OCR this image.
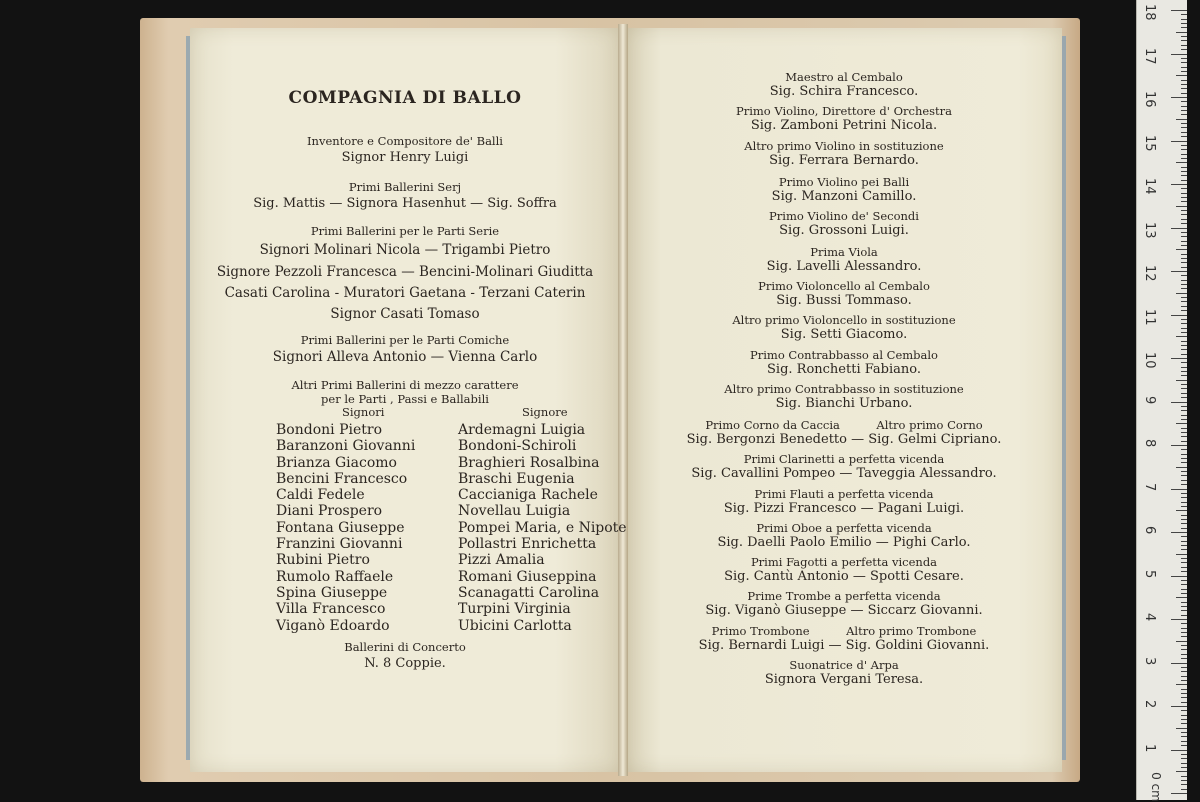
COMPAGNIA DI BALLO
Inventore e Compositore de' Balli
Signor Henry Luigi
Primi Ballerini Serj
Sig. Mattis — Signora Hasenhut — Sig. Soffra
Primi Ballerini per le Parti Serie
Signori Molinari Nicola — Trigambi Pietro
Signore Pezzoli Francesca — Bencini-Molinari Giuditta
Casati Carolina - Muratori Gaetana - Terzani Caterin
Signor Casati Tomaso
Primi Ballerini per le Parti Comiche
Signori Alleva Antonio — Vienna Carlo
Altri Primi Ballerini di mezzo carattere
per le Parti , Passi e Ballabili
Signori	Signore
Bondoni Pietro
Baranzoni Giovanni
Brianza Giacomo
Bencini Francesco
Caldi Fedele
Diani Prospero
Fontana Giuseppe
Franzini Giovanni
Rubini Pietro
Rumolo Raffaele
Spina Giuseppe
Villa Francesco
Viganò Edoardo
Ardemagni Luigia
Bondoni-Schiroli
Braghieri Rosalbina
Braschi Eugenia
Caccianiga Rachele
Novellau Luigia
Pompei Maria, e Nipote
Pollastri Enrichetta
Pizzi Amalia
Romani Giuseppina
Scanagatti Carolina
Turpini Virginia
Ubicini Carlotta
Ballerini di Concerto
N. 8 Coppie.
Maestro al Cembalo
Sig. Schira Francesco.
Primo Violino, Direttore d' Orchestra
Sig. Zamboni Petrini Nicola.
Altro primo Violino in sostituzione
Sig. Ferrara Bernardo.
Primo Violino pei Balli
Sig. Manzoni Camillo.
Primo Violino de' Secondi
Sig. Grossoni Luigi.
Prima Viola
Sig. Lavelli Alessandro.
Primo Violoncello al Cembalo
Sig. Bussi Tommaso.
Altro primo Violoncello in sostituzione
Sig. Setti Giacomo.
Primo Contrabbasso al Cembalo
Sig. Ronchetti Fabiano.
Altro primo Contrabbasso in sostituzione
Sig. Bianchi Urbano.
Primo Corno da Caccia          Altro primo Corno
Sig. Bergonzi Benedetto — Sig. Gelmi Cipriano.
Primi Clarinetti a perfetta vicenda
Sig. Cavallini Pompeo — Taveggia Alessandro.
Primi Flauti a perfetta vicenda
Sig. Pizzi Francesco — Pagani Luigi.
Primi Oboe a perfetta vicenda
Sig. Daelli Paolo Emilio — Pighi Carlo.
Primi Fagotti a perfetta vicenda
Sig. Cantù Antonio — Spotti Cesare.
Prime Trombe a perfetta vicenda
Sig. Viganò Giuseppe — Siccarz Giovanni.
Primo Trombone          Altro primo Trombone
Sig. Bernardi Luigi — Sig. Goldini Giovanni.
Suonatrice d' Arpa
Signora Vergani Teresa.
18
17
16
15
14
13
12
11
10
9
8
7
6
5
4
3
2
1
0 cm
